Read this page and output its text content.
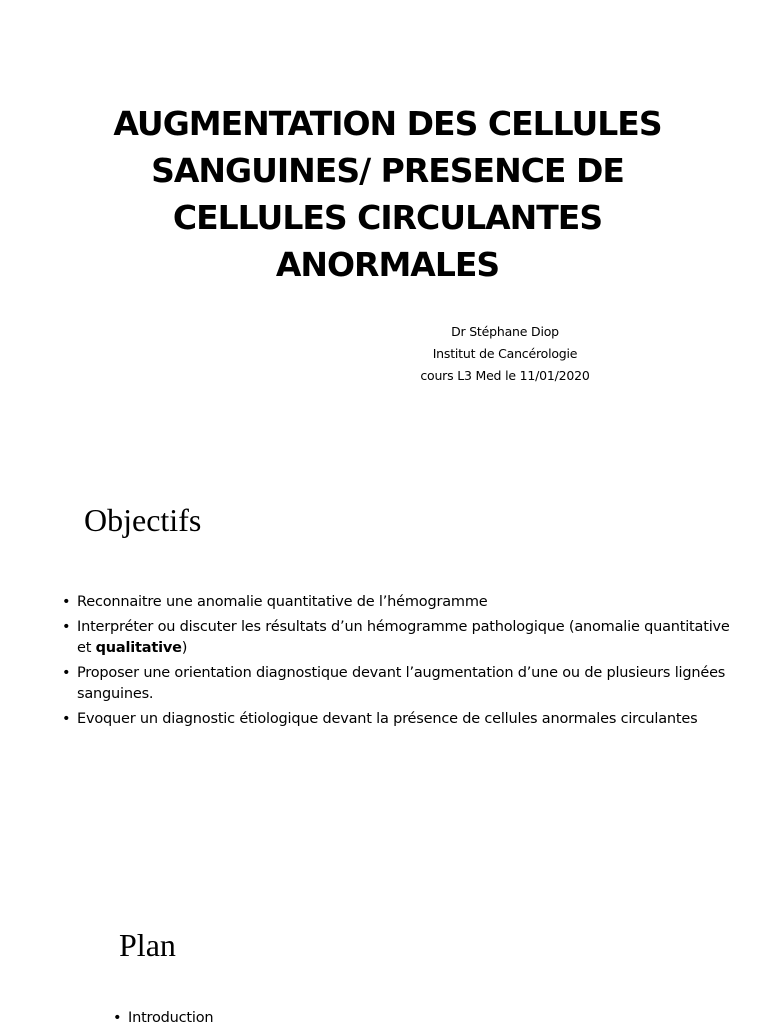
AUGMENTATION DES CELLULES
SANGUINES/ PRESENCE DE
CELLULES CIRCULANTES
ANORMALES
Dr Stéphane Diop
Institut de Cancérologie
cours L3 Med le 11/01/2020
Objectifs
• Reconnaitre une anomalie quantitative de l’hémogramme
• Interpréter ou discuter les résultats d’un hémogramme pathologique (anomalie quantitative et qualitative)
• Proposer une orientation diagnostique devant l’augmentation d’une ou de plusieurs lignées sanguines.
• Evoquer un diagnostic étiologique devant la présence de cellules anormales circulantes
Plan
• Introduction
